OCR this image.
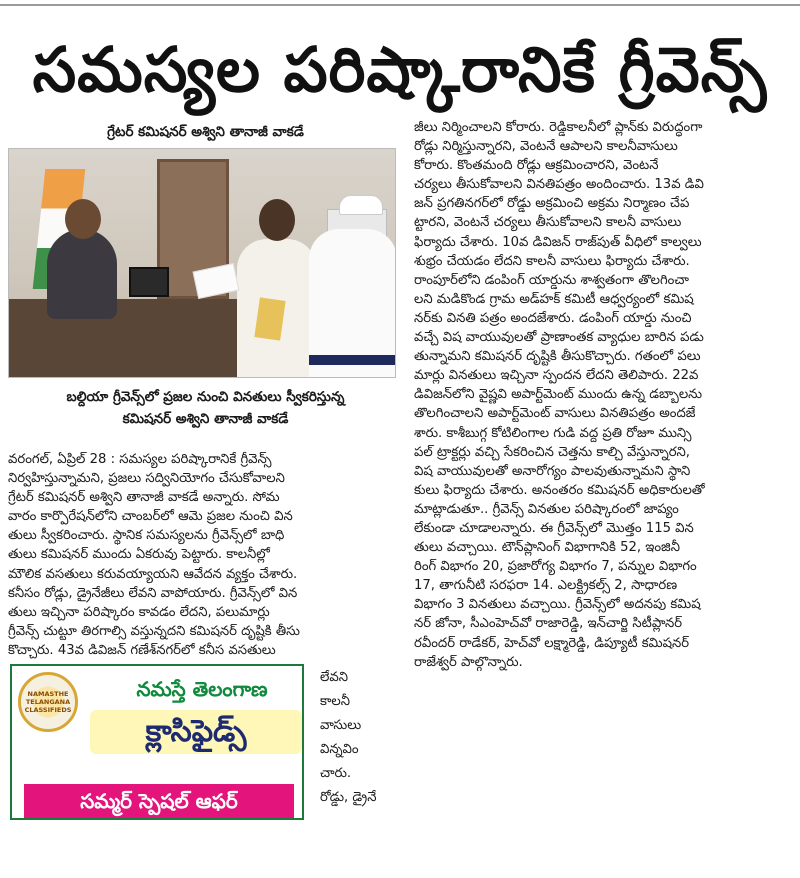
సమస్యల పరిష్కారానికే గ్రీవెన్స్
గ్రేటర్ కమిషనర్ అశ్విని తానాజీ వాకడే
బల్దియా గ్రీవెన్స్‌లో ప్రజల నుంచి వినతులు స్వీకరిస్తున్న
కమిషనర్ అశ్విని తానాజీ వాకడే
వరంగల్, ఏప్రిల్ 28 : సమస్యల పరిష్కారానికే గ్రీవెన్స్
నిర్వహిస్తున్నామని, ప్రజలు సద్వినియోగం చేసుకోవాలని
గ్రేటర్ కమిషనర్ అశ్విని తానాజీ వాకడే అన్నారు. సోమ
వారం కార్పొరేషన్‌లోని చాంబర్‌లో ఆమె ప్రజల నుంచి విన
తులు స్వీకరించారు. స్థానిక సమస్యలను గ్రీవెన్స్‌లో బాధి
తులు కమిషనర్ ముందు ఏకరువు పెట్టారు. కాలనీల్లో
మౌలిక వసతులు కరువయ్యాయని ఆవేదన వ్యక్తం చేశారు.
కనీసం రోడ్లు, డ్రైనేజీలు లేవని వాపోయారు. గ్రీవెన్స్‌లో విన
తులు ఇచ్చినా పరిష్కారం కావడం లేదని, పలుమార్లు
గ్రీవెన్స్ చుట్టూ తిరగాల్సి వస్తున్నదని కమిషనర్ దృష్టికి తీసు
కొచ్చారు. 43వ డివిజన్ గణేశ్‌నగర్‌లో కనీస వసతులు
NAMASTHE TELANGANA CLASSIFIEDS
నమస్తే తెలంగాణ
క్లాసిఫైడ్స్
సమ్మర్ స్పెషల్ ఆఫర్
లేవని
కాలనీ
వాసులు
విన్నవిం
చారు.
రోడ్డు, డ్రైనే
జీలు నిర్మించాలని కోరారు. రెడ్డికాలనీలో ప్లాన్‌కు విరుద్ధంగా
రోడ్లు నిర్మిస్తున్నారని, వెంటనే ఆపాలని కాలనీవాసులు
కోరారు. కొంతమంది రోడ్లు ఆక్రమించారని, వెంటనే
చర్యలు తీసుకోవాలని వినతిపత్రం అందించారు. 13వ డివి
జన్ ప్రగతినగర్‌లో రోడ్డు అక్రమించి అక్రమ నిర్మాణం చేప
ట్టారని, వెంటనే చర్యలు తీసుకోవాలని కాలనీ వాసులు
ఫిర్యాదు చేశారు. 10వ డివిజన్ రాజ్‌పుత్ వీధిలో కాల్వలు
శుభ్రం చేయడం లేదని కాలనీ వాసులు ఫిర్యాదు చేశారు.
రాంపూర్‌లోని డంపింగ్ యార్డును శాశ్వతంగా తొలగించా
లని మడికొండ గ్రామ అడ్‌హక్ కమిటీ ఆధ్వర్యంలో కమిష
నర్‌కు వినతి పత్రం అందజేశారు. డంపింగ్ యార్డు నుంచి
వచ్చే విష వాయువులతో ప్రాణాంతక వ్యాధుల బారిన పడు
తున్నామని కమిషనర్ దృష్టికి తీసుకొచ్చారు. గతంలో పలు
మార్లు వినతులు ఇచ్చినా స్పందన లేదని తెలిపారు. 22వ
డివిజన్‌లోని వైష్ణవి అపార్ట్‌మెంట్ ముందు ఉన్న డబ్బాలను
తొలగించాలని అపార్ట్‌మెంట్ వాసులు వినతిపత్రం అందజే
శారు. కాశీబుగ్గ కోటిలింగాల గుడి వద్ద ప్రతి రోజూ మున్సి
పల్ ట్రాక్టర్లు వచ్చి సేకరించిన చెత్తను కాల్చి వేస్తున్నారని,
విష వాయువులతో అనారోగ్యం పాలవుతున్నామని స్థాని
కులు ఫిర్యాదు చేశారు. అనంతరం కమిషనర్ అధికారులతో
మాట్లాడుతూ.. గ్రీవెన్స్ వినతుల పరిష్కారంలో జాప్యం
లేకుండా చూడాలన్నారు. ఈ గ్రీవెన్స్‌లో మొత్తం 115 విన
తులు వచ్చాయి. టౌన్‌ప్లానింగ్ విభాగానికి 52, ఇంజినీ
రింగ్ విభాగం 20, ప్రజారోగ్య విభాగం 7, పన్నుల విభాగం
17, తాగునీటి సరఫరా 14. ఎలక్ట్రికల్స్ 2, సాధారణ
విభాగం 3 వినతులు వచ్చాయి. గ్రీవెన్స్‌లో అదనపు కమిష
నర్ జోనా, సీఎంహెచ్‌వో రాజారెడ్డి, ఇన్‌చార్జి సిటీప్లానర్
రవీందర్ రాడేకర్, హెచ్‌వో లక్ష్మారెడ్డి, డిప్యూటీ కమిషనర్
రాజేశ్వర్ పాల్గొన్నారు.
